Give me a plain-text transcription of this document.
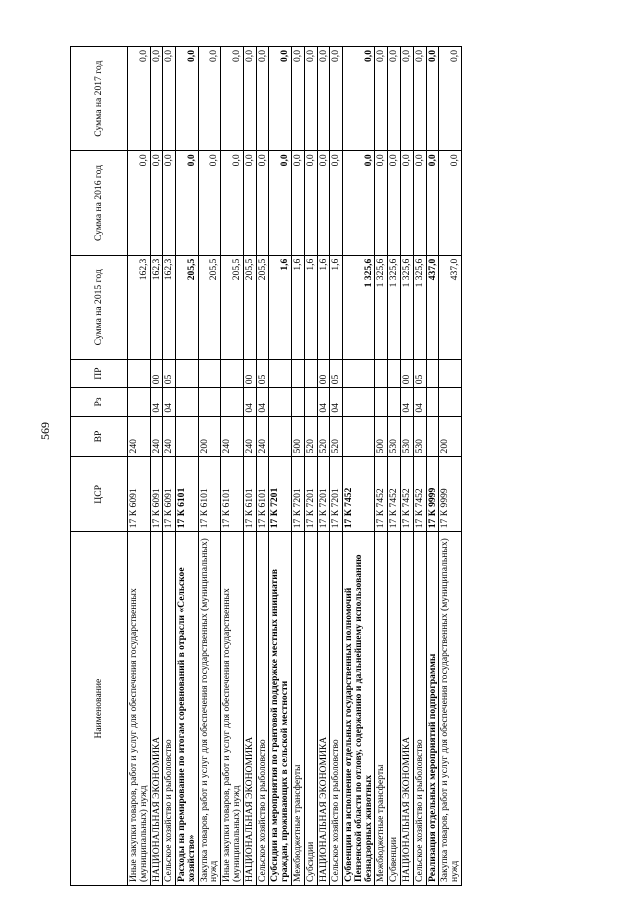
569
Наименование	ЦСР	ВР	Рз	ПР	Сумма на 2015 год	Сумма на 2016 год	Сумма на 2017 год
Иные закупки товаров, работ и услуг для обеспечения государственных (муниципальных) нужд	17 К 6091	240			162,3	0,0	0,0
НАЦИОНАЛЬНАЯ ЭКОНОМИКА	17 К 6091	240	04	00	162,3	0,0	0,0
Сельское хозяйство и рыболовство	17 К 6091	240	04	05	162,3	0,0	0,0
Расходы на премирование по итогам соревнований в отрасли «Сельское хозяйство»	17 К 6101				205,5	0,0	0,0
Закупка товаров, работ и услуг для обеспечения государственных (муниципальных) нужд	17 К 6101	200			205,5	0,0	0,0
Иные закупки товаров, работ и услуг для обеспечения государственных (муниципальных) нужд	17 К 6101	240			205,5	0,0	0,0
НАЦИОНАЛЬНАЯ ЭКОНОМИКА	17 К 6101	240	04	00	205,5	0,0	0,0
Сельское хозяйство и рыболовство	17 К 6101	240	04	05	205,5	0,0	0,0
Субсидии на мероприятия по грантовой поддержке местных инициатив граждан, проживающих в сельской местности	17 К 7201				1,6	0,0	0,0
Межбюджетные трансферты	17 К 7201	500			1,6	0,0	0,0
Субсидии	17 К 7201	520			1,6	0,0	0,0
НАЦИОНАЛЬНАЯ ЭКОНОМИКА	17 К 7201	520	04	00	1,6	0,0	0,0
Сельское хозяйство и рыболовство	17 К 7201	520	04	05	1,6	0,0	0,0
Субвенции на исполнение отдельных государственных полномочий Пензенской области по отлову, содержанию и дальнейшему использованию безнадзорных животных	17 К 7452				1 325,6	0,0	0,0
Межбюджетные трансферты	17 К 7452	500			1 325,6	0,0	0,0
Субвенции	17 К 7452	530			1 325,6	0,0	0,0
НАЦИОНАЛЬНАЯ ЭКОНОМИКА	17 К 7452	530	04	00	1 325,6	0,0	0,0
Сельское хозяйство и рыболовство	17 К 7452	530	04	05	1 325,6	0,0	0,0
Реализация отдельных мероприятий подпрограммы	17 К 9999				437,0	0,0	0,0
Закупка товаров, работ и услуг для обеспечения государственных (муниципальных) нужд	17 К 9999	200			437,0	0,0	0,0
